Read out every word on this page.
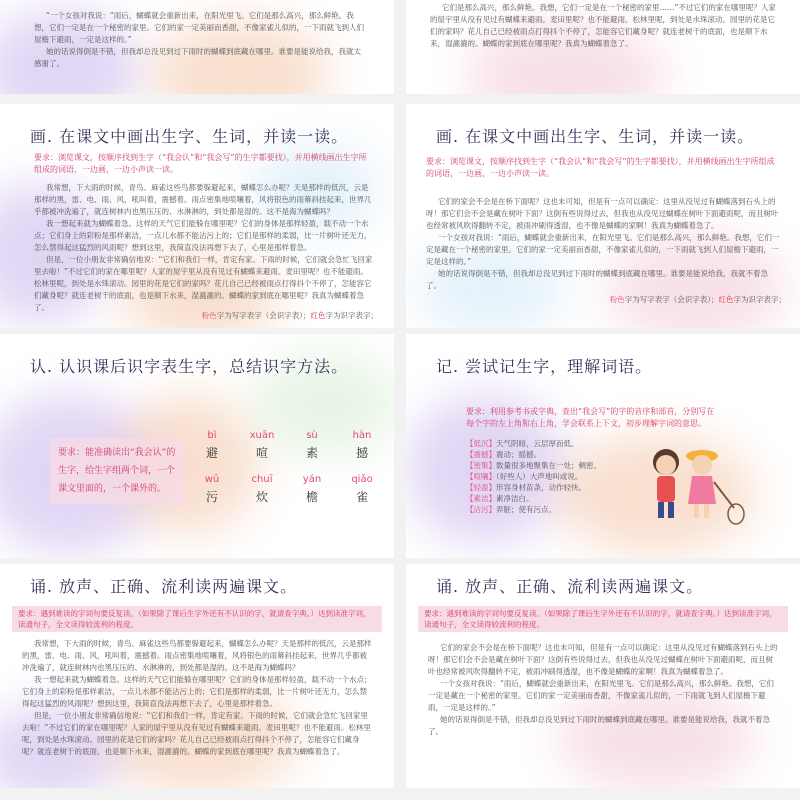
“一个女孩对我说：“雨后，蝴蝶就会重新出来，在阳光里飞。它们是那么高兴，那么鲜艳。我想，它们一定是在一个秘密的家里。它们的家一定美丽而香甜，不像家雀儿似的，一下雨就飞到人们屋檐下避雨，一定是这样的。”

她的话说得倒是不错，但我却总没见到过下雨时的蝴蝶到底藏在哪里。谁要是能说给我，我就太感谢了。

它们是那么高兴，那么鲜艳。我想，它们一定是在一个秘密的家里……“不过它们的家在哪里呢？人家的屋宇里从没有见过有蝴蝶来避雨。麦田里呢？也不能避雨。松林里呢，到处是水珠滚动。园里的花是它们的家吗？花儿自己已经被雨点打得抖个不停了，怎能容它们藏身呢？就连老树干的底面，也是顺下水来，湿漉漉的。蝴蝶的家到底在哪里呢？我真为蝴蝶着急了。

画. 在课文中画出生字、生词，并读一读。
要求：浏览课文，按顺序找到生字（“我会认”和“我会写”的生字都要找），并用横线画出生字所组成的词语，一边画，一边小声读一读。

我常想，下大雨的时候，青鸟、麻雀这些鸟都要躲避起来，蝴蝶怎么办呢？天是那样的低沉，云是那样的黑，雷、电、雨、风，吼叫着，震撼着。雨点密集地喧嚷着，风将银色的雨幕斜挂起来，世界几乎都被冲洗遍了，就连树林内也黑压压的、水淋淋的，到处都是湿的。这不是海为蝴蝶吗？

我一想起来就为蝴蝶着急。这样的天气它们能躲在哪里呢？它们的身体是那样轻盈，载不动一个水点；它们身上的彩粉是那样素洁，一点儿水都不能沾污上的；它们是那样的柔弱，比一片树叶还无力，怎么禁得起这猛烈的风雨呢？想到这里，我简直没法再想下去了，心里是那样着急。

但是，一位小朋友非常确信地说：“它们和我们一样，肯定有家。下雨的时候，它们就会急忙飞回家里去啦！”不过它们的家在哪里呢？人家的屋宇里从没有见过有蝴蝶来避雨。麦田里呢？也不能避雨。松林里呢，到处是水珠滚动。园里的花是它们的家吗？花儿自己已经被雨点打得抖个不停了，怎能容它们藏身呢？就连老树干的底面，也是顺下水来，湿漉漉的。蝴蝶的家到底在哪里呢？我真为蝴蝶着急了。

粉色字为写字表字（会识字表）；红色字为识字表字；
画. 在课文中画出生字、生词，并读一读。
要求：浏览课文，按顺序找到生字（“我会认”和“我会写”的生字都要找），并用横线画出生字所组成的词语，一边画，一边小声读一读。

它们的家会不会是在桥下面呢？这也未可知，但是有一点可以确定：这里从没见过有蝴蝶落到石头上的呀！那它们会不会是藏在树叶下面？这倒有些说得过去，但我也从没见过蝴蝶在树叶下面避雨呢，而且树叶也经常被风吹得翻转不定，被雨冲刷得透湿，也不像是蝴蝶的家啊！我真为蝴蝶着急了。

一个女孩对我说：“雨后，蝴蝶就会重新出来，在阳光里飞。它们是那么高兴，那么鲜艳。我想，它们一定是藏在一个秘密的家里。它们的家一定美丽而香甜，不像家雀儿似的，一下雨就飞到人们屋檐下避雨，一定是这样的。”

她的话说得倒是不错，但我却总没见到过下雨时的蝴蝶到底藏在哪里。谁要是能说给我，我就不着急了。

粉色字为写字表字（会识字表）；红色字为识字表字；
认. 认识课后识字表生字，总结识字方法。
要求：能准确读出“我会认”的生字，给生字组两个词，一个课文里面的，一个课外的。
bì
避
xuān
喧
sù
素
hàn
撼
wū
污
chuī
炊
yán
檐
qiǎo
雀
记. 尝试记生字，理解词语。
要求：利用参考书或字典，查出“我会写”的字的音序和部首，分别写在每个字的左上角和右上角，学会联系上下文，初步理解字词的意思。
【低沉】天气阴暗，云层厚而低。
【震撼】震动；摇撼。
【密集】数量很多地聚集在一处；稠密。
【喧嚷】（好些人）大声地叫或说。
【轻盈】形容身材苗条，动作轻快。
【素洁】素净洁白。
【沾污】弄脏；使有污点。
诵. 放声、正确、流利读两遍课文。
要求：遇到难读的字词句要反复读。（如果除了课后生字外还有不认识的字，就请查字典。）达到读准字词，读通句子，全文读得较流利的程度。

我常想，下大雨的时候，青鸟、麻雀这些鸟都要躲避起来，蝴蝶怎么办呢？天是那样的低沉，云是那样的黑，雷、电、雨、风，吼叫着，震撼着。雨点密集地喧嚷着，风将银色的雨幕斜挂起来，世界几乎都被冲洗遍了，就连树林内也黑压压的、水淋淋的，到处都是湿的。这不是海为蝴蝶吗？

我一想起来就为蝴蝶着急。这样的天气它们能躲在哪里呢？它们的身体是那样轻盈，载不动一个水点；它们身上的彩粉是那样素洁，一点儿水都不能沾污上的；它们是那样的柔弱，比一片树叶还无力，怎么禁得起这猛烈的风雨呢？想到这里，我简直没法再想下去了，心里是那样着急。

但是，一位小朋友非常确信地说：“它们和我们一样，肯定有家。下雨的时候，它们就会急忙飞回家里去啦！”不过它们的家在哪里呢？人家的屋宇里从没有见过有蝴蝶来避雨。麦田里呢？也不能避雨。松林里呢，到处是水珠滚动。园里的花是它们的家吗？花儿自己已经被雨点打得抖个不停了，怎能容它们藏身呢？就连老树干的底面，也是顺下水来，湿漉漉的。蝴蝶的家到底在哪里呢？我真为蝴蝶着急了。

诵. 放声、正确、流利读两遍课文。
要求：遇到难读的字词句要反复读。（如果除了课后生字外还有不认识的字，就请查字典。）达到读准字词，读通句子，全文读得较流利的程度。

它们的家会不会是在桥下面呢？这也未可知，但是有一点可以确定：这里从没见过有蝴蝶落到石头上的呀！那它们会不会是藏在树叶下面？这倒有些说得过去，但我也从没见过蝴蝶在树叶下面避雨呢，而且树叶也经常被风吹得翻转不定，被雨冲刷得透湿，也不像是蝴蝶的家啊！我真为蝴蝶着急了。

一个女孩对我说：“雨后，蝴蝶就会重新出来，在阳光里飞。它们是那么高兴，那么鲜艳。我想，它们一定是藏在一个秘密的家里。它们的家一定美丽而香甜，不像家雀儿似的，一下雨就飞到人们屋檐下避雨，一定是这样的。”

她的话说得倒是不错，但我却总没见到过下雨时的蝴蝶到底藏在哪里。谁要是能说给我，我就不着急了。
